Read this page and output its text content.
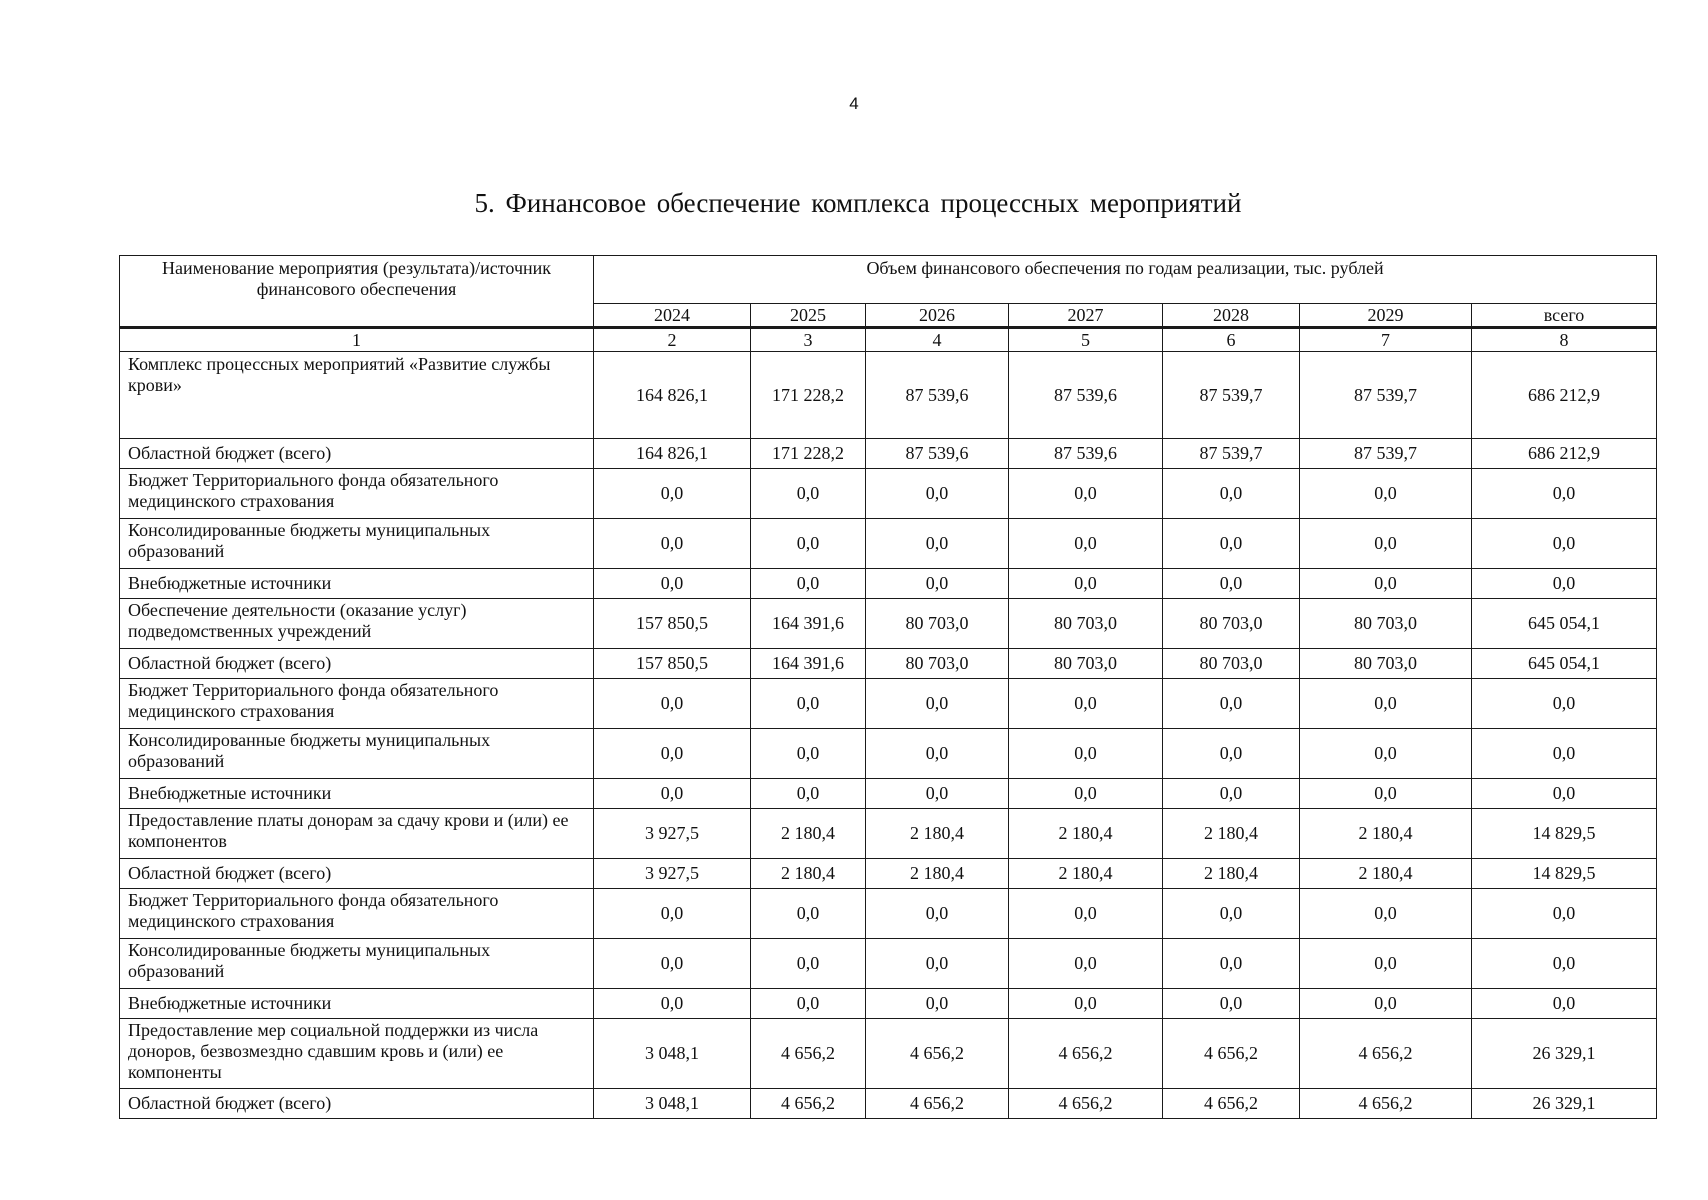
4
5. Финансовое обеспечение комплекса процессных мероприятий
Наименование мероприятия (результата)/источник финансового обеспечения	Объем финансового обеспечения по годам реализации, тыс. рублей						
	2024	2025	2026	2027	2028	2029	всего
1	2	3	4	5	6	7	8
Комплекс процессных мероприятий «Развитие службы крови»	164 826,1	171 228,2	87 539,6	87 539,6	87 539,7	87 539,7	686 212,9
Областной бюджет (всего)	164 826,1	171 228,2	87 539,6	87 539,6	87 539,7	87 539,7	686 212,9
Бюджет Территориального фонда обязательного медицинского страхования	0,0	0,0	0,0	0,0	0,0	0,0	0,0
Консолидированные бюджеты муниципальных образований	0,0	0,0	0,0	0,0	0,0	0,0	0,0
Внебюджетные источники	0,0	0,0	0,0	0,0	0,0	0,0	0,0
Обеспечение деятельности (оказание услуг) подведомственных учреждений	157 850,5	164 391,6	80 703,0	80 703,0	80 703,0	80 703,0	645 054,1
Областной бюджет (всего)	157 850,5	164 391,6	80 703,0	80 703,0	80 703,0	80 703,0	645 054,1
Бюджет Территориального фонда обязательного медицинского страхования	0,0	0,0	0,0	0,0	0,0	0,0	0,0
Консолидированные бюджеты муниципальных образований	0,0	0,0	0,0	0,0	0,0	0,0	0,0
Внебюджетные источники	0,0	0,0	0,0	0,0	0,0	0,0	0,0
Предоставление платы донорам за сдачу крови и (или) ее компонентов	3 927,5	2 180,4	2 180,4	2 180,4	2 180,4	2 180,4	14 829,5
Областной бюджет (всего)	3 927,5	2 180,4	2 180,4	2 180,4	2 180,4	2 180,4	14 829,5
Бюджет Территориального фонда обязательного медицинского страхования	0,0	0,0	0,0	0,0	0,0	0,0	0,0
Консолидированные бюджеты муниципальных образований	0,0	0,0	0,0	0,0	0,0	0,0	0,0
Внебюджетные источники	0,0	0,0	0,0	0,0	0,0	0,0	0,0
Предоставление мер социальной поддержки из числа доноров, безвозмездно сдавшим кровь и (или) ее компоненты	3 048,1	4 656,2	4 656,2	4 656,2	4 656,2	4 656,2	26 329,1
Областной бюджет (всего)	3 048,1	4 656,2	4 656,2	4 656,2	4 656,2	4 656,2	26 329,1
